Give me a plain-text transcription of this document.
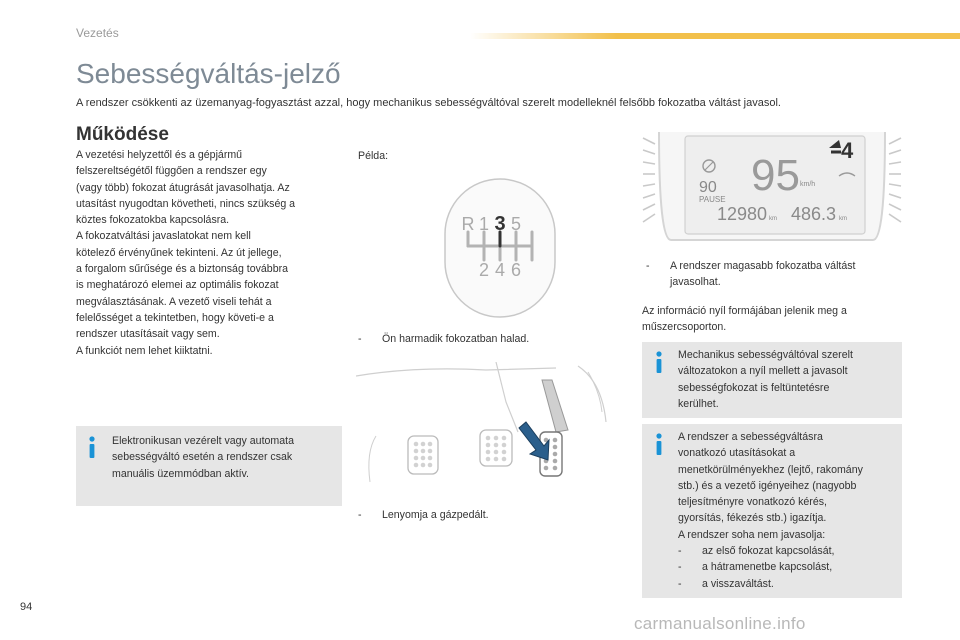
Vezetés
Sebességváltás-jelző
A rendszer csökkenti az üzemanyag-fogyasztást azzal, hogy mechanikus sebességváltóval szerelt modelleknél felsőbb fokozatba váltást javasol.
Működése

A vezetési helyzettől és a gépjármű

felszereltségétől függően a rendszer egy

(vagy több) fokozat átugrását javasolhatja. Az

utasítást nyugodtan követheti, nincs szükség a

köztes fokozatokba kapcsolásra.

A fokozatváltási javaslatokat nem kell

kötelező érvényűnek tekinteni. Az út jellege,

a forgalom sűrűsége és a biztonság továbbra

is meghatározó elemei az optimális fokozat

megválasztásának. A vezető viseli tehát a

felelősséget a tekintetben, hogy követi-e a

rendszer utasításait vagy sem.

A funkciót nem lehet kiiktatni.

Elektronikusan vezérelt vagy automata
sebességváltó esetén a rendszer csak
manuális üzemmódban aktív.
Példa:
R 1 3 5
2 4 6
- Ön harmadik fokozatban halad.
- Lenyomja a gázpedált.
95 km/h
90
PAUSE
12980 km 486.3 km
4
- A rendszer magasabb fokozatba váltást
javasolhat.

Az információ nyíl formájában jelenik meg a

műszercsoporton.

Mechanikus sebességváltóval szerelt
változatokon a nyíl mellett a javasolt
sebességfokozat is feltüntetésre
kerülhet.
A rendszer a sebességváltásra
vonatkozó utasításokat a
menetkörülményekhez (lejtő, rakomány
stb.) és a vezető igényeihez (nagyobb
teljesítményre vonatkozó kérés,
gyorsítás, fékezés stb.) igazítja.
A rendszer soha nem javasolja:
- az első fokozat kapcsolását,
- a hátramenetbe kapcsolást,
- a visszaváltást.
94
carmanualsonline.info
